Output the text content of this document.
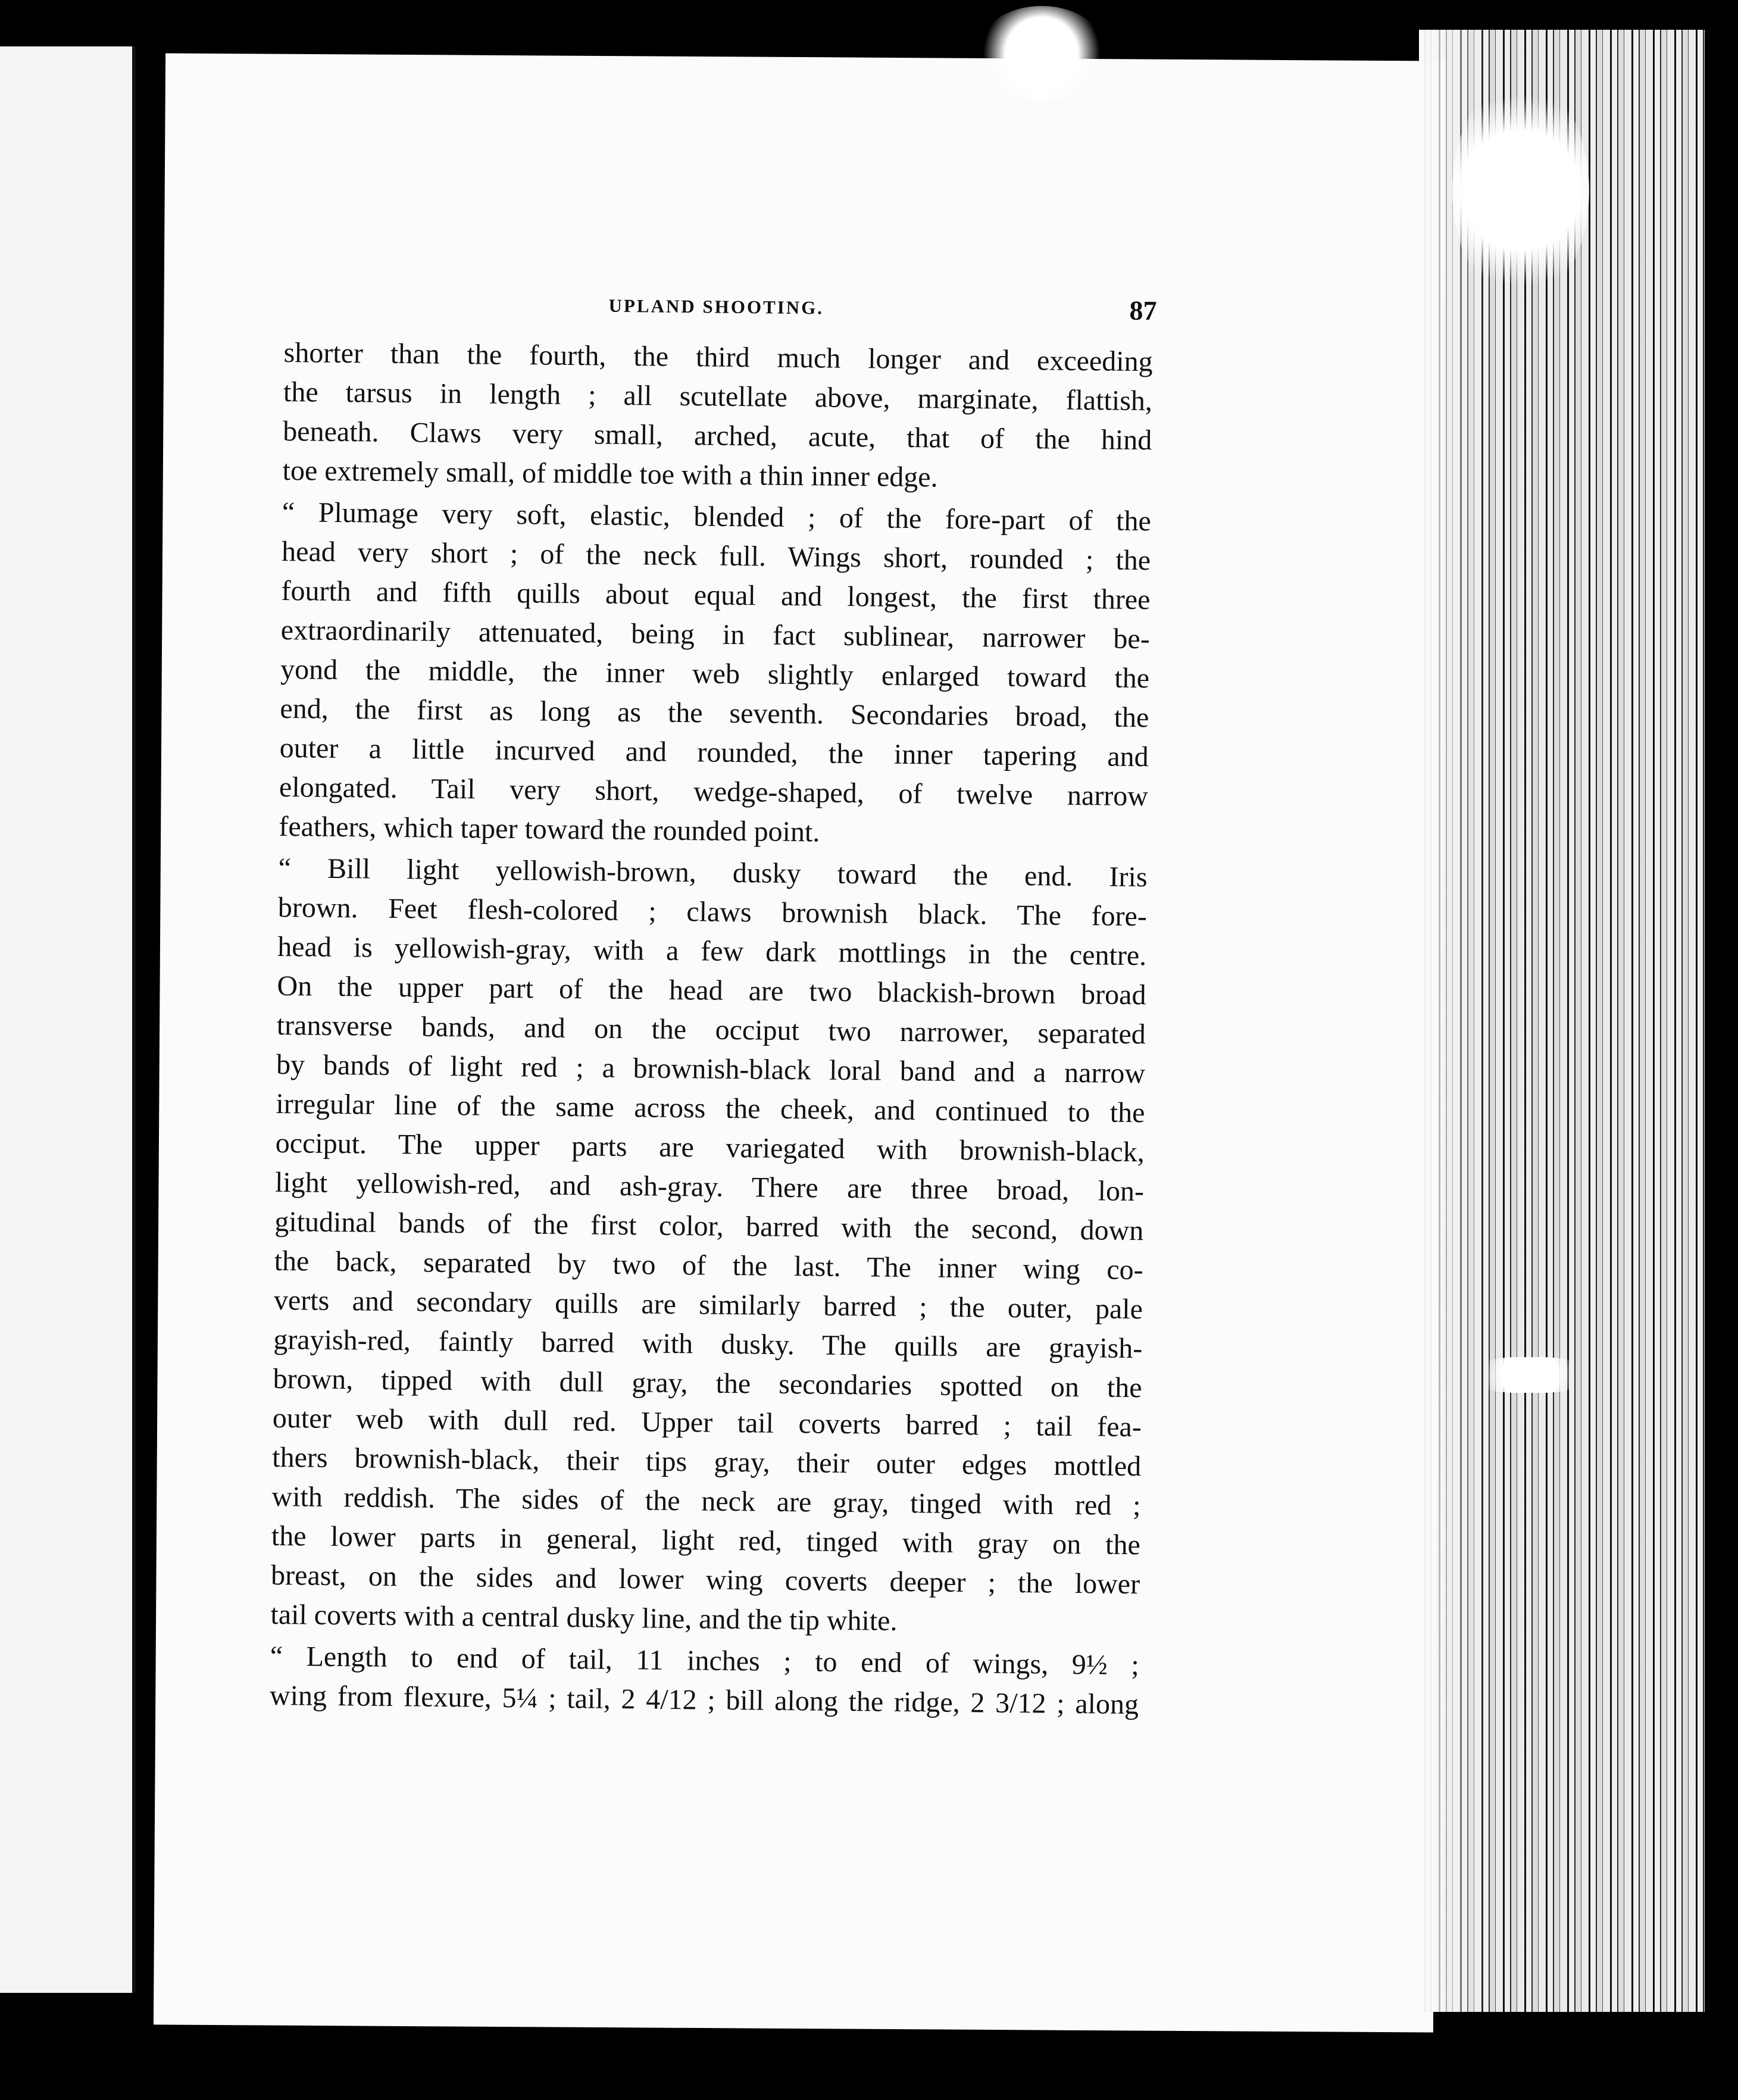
UPLAND SHOOTING.	87

shorter than the fourth, the third much longer and exceeding
the tarsus in length ; all scutellate above, marginate, flattish,
beneath. Claws very small, arched, acute, that of the hind
toe extremely small, of middle toe with a thin inner edge.

“ Plumage very soft, elastic, blended ; of the fore-part of the
head very short ; of the neck full. Wings short, rounded ; the
fourth and fifth quills about equal and longest, the first three
extraordinarily attenuated, being in fact sublinear, narrower be-
yond the middle, the inner web slightly enlarged toward the
end, the first as long as the seventh. Secondaries broad, the
outer a little incurved and rounded, the inner tapering and
elongated. Tail very short, wedge-shaped, of twelve narrow
feathers, which taper toward the rounded point.

“ Bill light yellowish-brown, dusky toward the end. Iris
brown. Feet flesh-colored ; claws brownish black. The fore-
head is yellowish-gray, with a few dark mottlings in the centre.
On the upper part of the head are two blackish-brown broad
transverse bands, and on the occiput two narrower, separated
by bands of light red ; a brownish-black loral band and a narrow
irregular line of the same across the cheek, and continued to the
occiput. The upper parts are variegated with brownish-black,
light yellowish-red, and ash-gray. There are three broad, lon-
gitudinal bands of the first color, barred with the second, down
the back, separated by two of the last. The inner wing co-
verts and secondary quills are similarly barred ; the outer, pale
grayish-red, faintly barred with dusky. The quills are grayish-
brown, tipped with dull gray, the secondaries spotted on the
outer web with dull red. Upper tail coverts barred ; tail fea-
thers brownish-black, their tips gray, their outer edges mottled
with reddish. The sides of the neck are gray, tinged with red ;
the lower parts in general, light red, tinged with gray on the
breast, on the sides and lower wing coverts deeper ; the lower
tail coverts with a central dusky line, and the tip white.

“ Length to end of tail, 11 inches ; to end of wings, 9½ ;
wing from flexure, 5¼ ; tail, 2 4/12 ; bill along the ridge, 2 3/12 ; along
